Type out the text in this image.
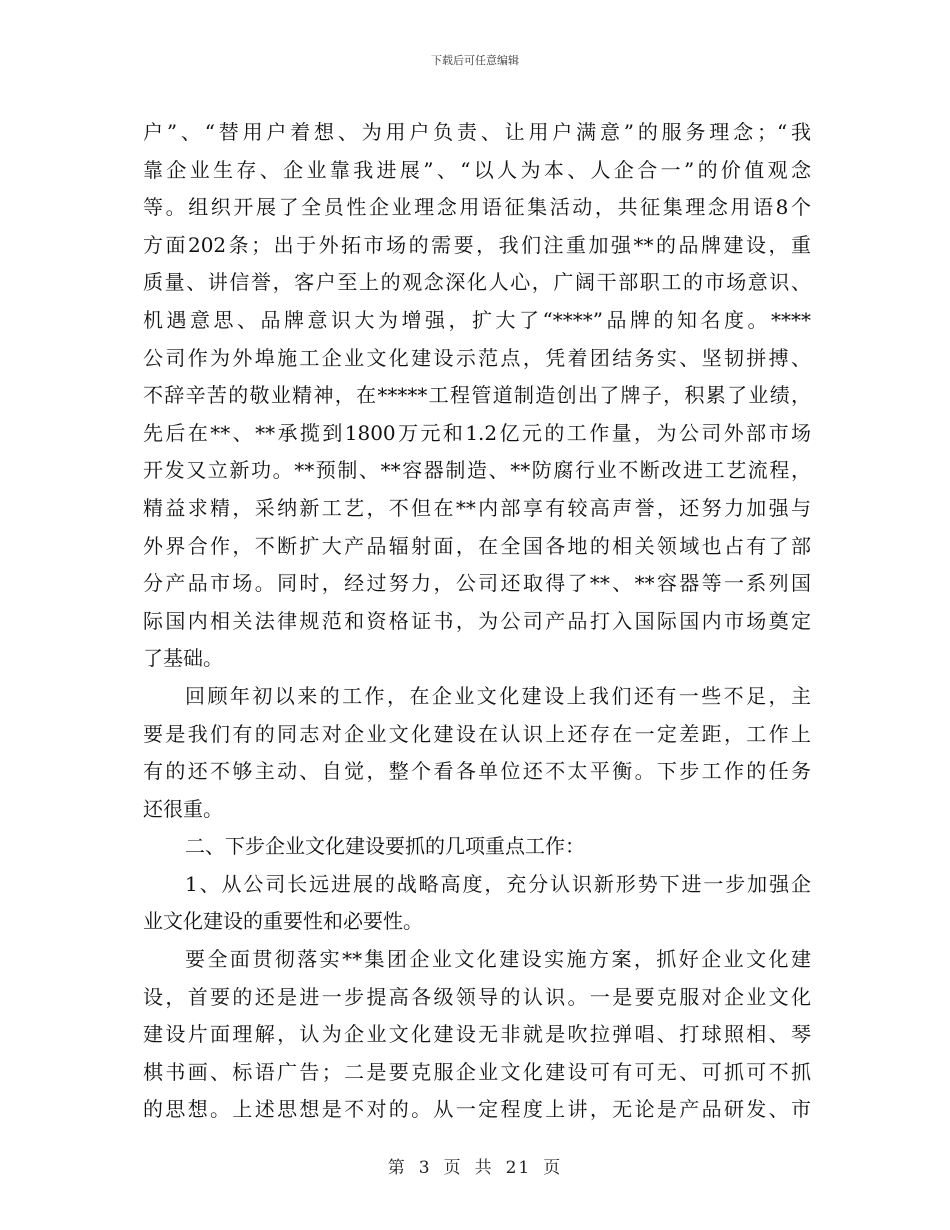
下载后可任意编辑
户”、“替用户着想、为用户负责、让用户满意”的服务理念；“我
靠企业生存、企业靠我进展”、“以人为本、人企合一”的价值观念
等。组织开展了全员性企业理念用语征集活动，共征集理念用语8个
方面202条；出于外拓市场的需要，我们注重加强**的品牌建设，重
质量、讲信誉，客户至上的观念深化人心，广阔干部职工的市场意识、
机遇意思、品牌意识大为增强，扩大了“****”品牌的知名度。****
公司作为外埠施工企业文化建设示范点，凭着团结务实、坚韧拼搏、
不辞辛苦的敬业精神，在*****工程管道制造创出了牌子，积累了业绩，
先后在**、**承揽到1800万元和1.2亿元的工作量，为公司外部市场
开发又立新功。**预制、**容器制造、**防腐行业不断改进工艺流程，
精益求精，采纳新工艺，不但在**内部享有较高声誉，还努力加强与
外界合作，不断扩大产品辐射面，在全国各地的相关领域也占有了部
分产品市场。同时，经过努力，公司还取得了**、**容器等一系列国
际国内相关法律规范和资格证书，为公司产品打入国际国内市场奠定
了基础。
回顾年初以来的工作，在企业文化建设上我们还有一些不足，主
要是我们有的同志对企业文化建设在认识上还存在一定差距，工作上
有的还不够主动、自觉，整个看各单位还不太平衡。下步工作的任务
还很重。
二、下步企业文化建设要抓的几项重点工作：
1、从公司长远进展的战略高度，充分认识新形势下进一步加强企
业文化建设的重要性和必要性。
要全面贯彻落实**集团企业文化建设实施方案，抓好企业文化建
设，首要的还是进一步提高各级领导的认识。一是要克服对企业文化
建设片面理解，认为企业文化建设无非就是吹拉弹唱、打球照相、琴
棋书画、标语广告；二是要克服企业文化建设可有可无、可抓可不抓
的思想。上述思想是不对的。从一定程度上讲，无论是产品研发、市
第 3 页 共 21 页
